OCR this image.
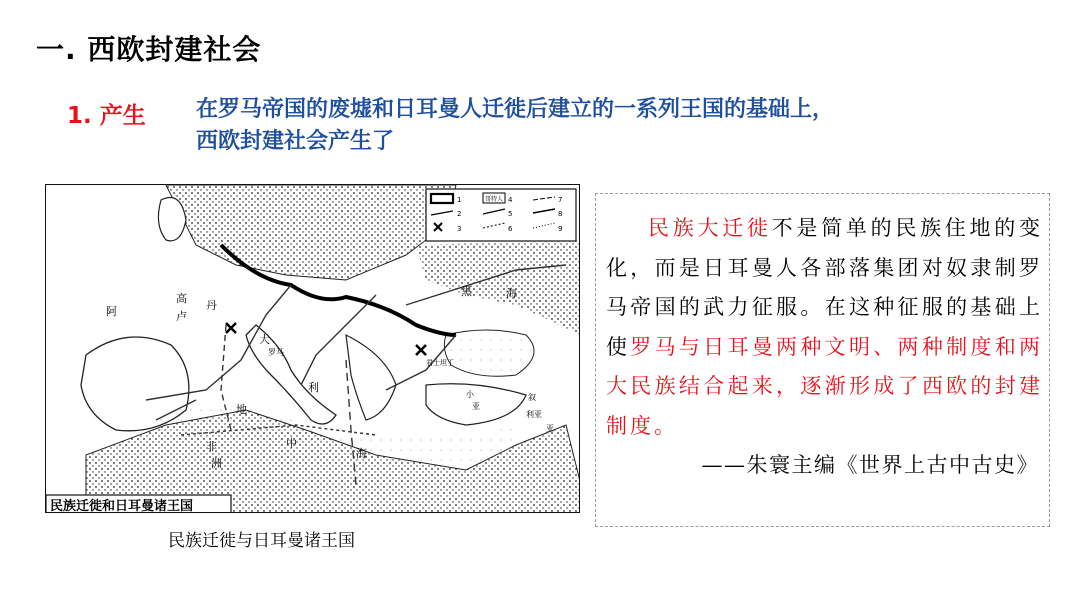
一. 西欧封建社会
1. 产生 在罗马帝国的废墟和日耳曼人迁徙后建立的一系列王国的基础上，
西欧封建社会产生了
哥特人
1
2
3
4
5
6
7
8
9
高
卢
丹
大
罗马
黑	海
地
中
海
利
非
洲
阿
君士坦丁
利亚
叙
亚
小
亚
民族迁徙和日耳曼诸王国
民族迁徙与日耳曼诸王国
民族大迁徙不是简单的民族住地的变化，而是日耳曼人各部落集团对奴隶制罗马帝国的武力征服。在这种征服的基础上使罗马与日耳曼两种文明、两种制度和两大民族结合起来，逐渐形成了西欧的封建制度。
——朱寰主编《世界上古中古史》
